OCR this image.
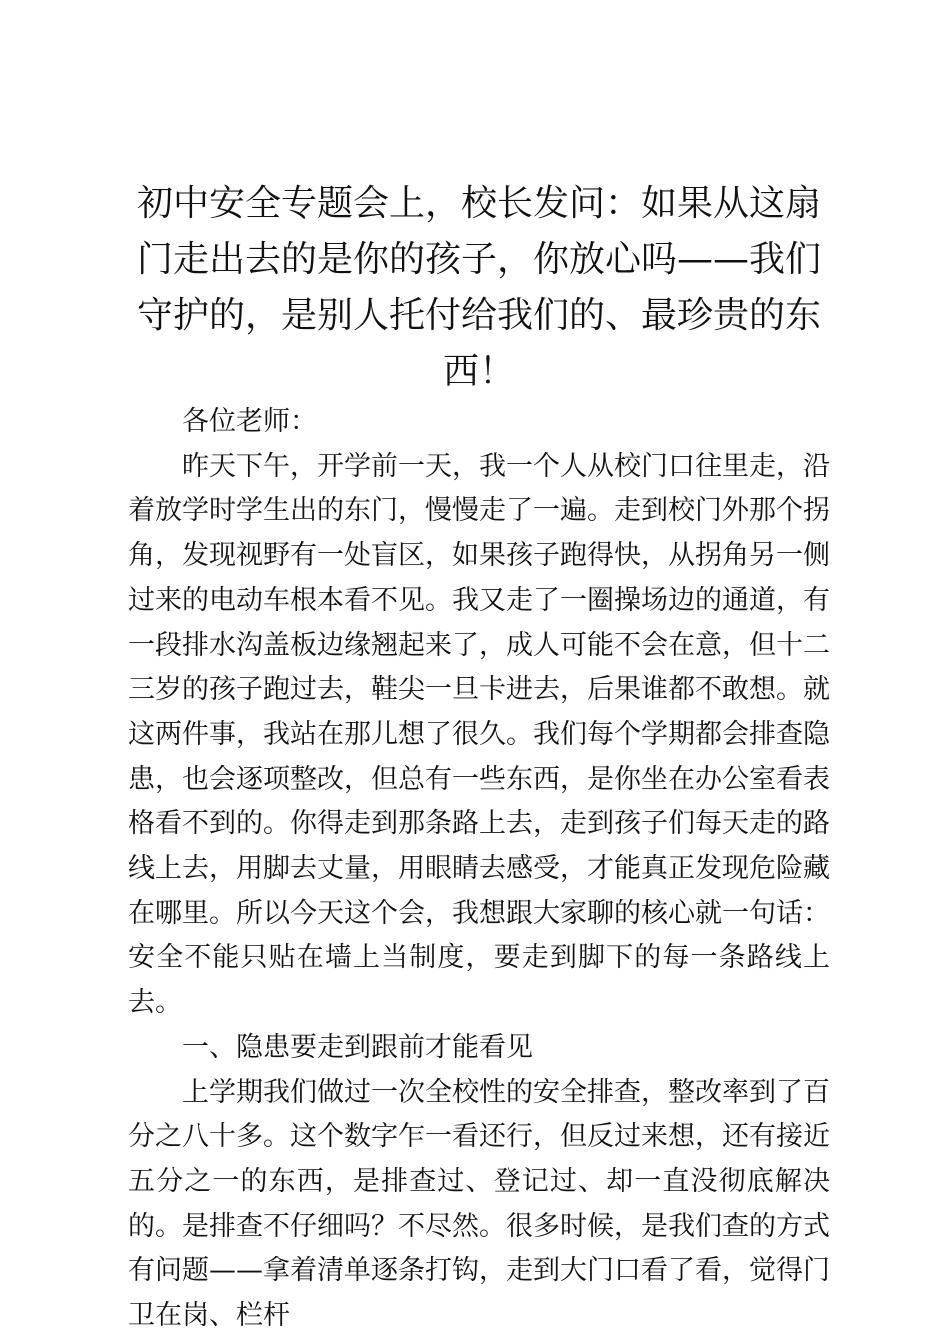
初中安全专题会上，校长发问：如果从这扇门走出去的是你的孩子，你放心吗——我们守护的，是别人托付给我们的、最珍贵的东西！

各位老师：

昨天下午，开学前一天，我一个人从校门口往里走，沿着放学时学生出的东门，慢慢走了一遍。走到校门外那个拐角，发现视野有一处盲区，如果孩子跑得快，从拐角另一侧过来的电动车根本看不见。我又走了一圈操场边的通道，有一段排水沟盖板边缘翘起来了，成人可能不会在意，但十二三岁的孩子跑过去，鞋尖一旦卡进去，后果谁都不敢想。就这两件事，我站在那儿想了很久。我们每个学期都会排查隐患，也会逐项整改，但总有一些东西，是你坐在办公室看表格看不到的。你得走到那条路上去，走到孩子们每天走的路线上去，用脚去丈量，用眼睛去感受，才能真正发现危险藏在哪里。所以今天这个会，我想跟大家聊的核心就一句话：安全不能只贴在墙上当制度，要走到脚下的每一条路线上去。

一、隐患要走到跟前才能看见

上学期我们做过一次全校性的安全排查，整改率到了百分之八十多。这个数字乍一看还行，但反过来想，还有接近五分之一的东西，是排查过、登记过、却一直没彻底解决的。是排查不仔细吗？不尽然。很多时候，是我们查的方式有问题——拿着清单逐条打钩，走到大门口看了看，觉得门卫在岗、栏杆
